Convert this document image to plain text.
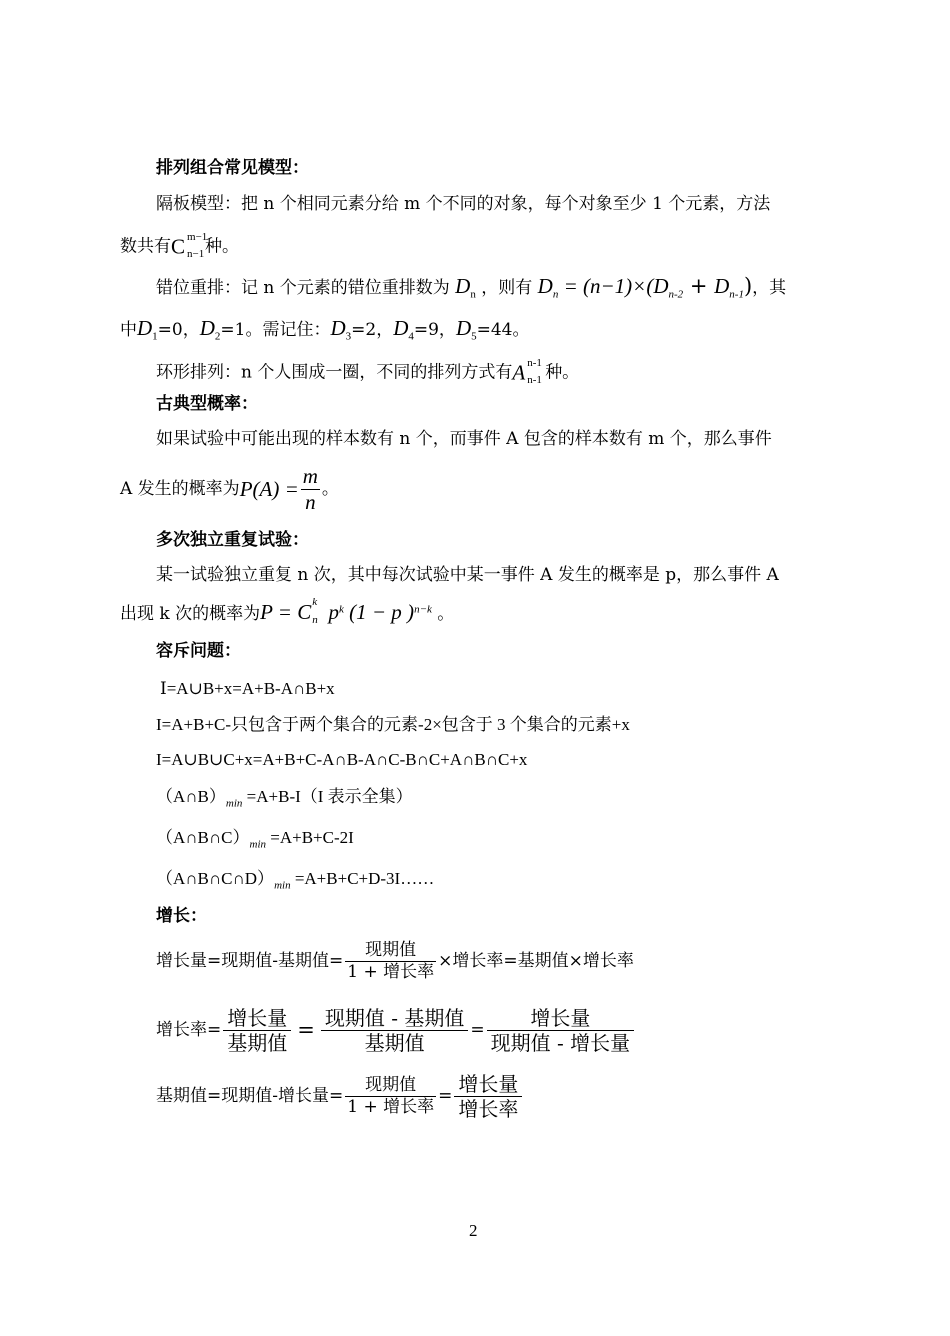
排列组合常见模型：
隔板模型：把 n 个相同元素分给 m 个不同的对象，每个对象至少 1 个元素，方法
数共有C m−1
n−1 种。
错位重排：记 n 个元素的错位重排数为 $D_n$ ，则有 $D_n = (n-1)\times(D_{n-2} + D_{n-1})$，其
中$D_1=0$，$D_2=1$。需记住：$D_3=2$，$D_4=9$，$D_5=44$。
环形排列：n 个人围成一圈，不同的排列方式有A n-1
n-1 种。
古典型概率：
如果试验中可能出现的样本数有 n 个，而事件 A 包含的样本数有 m 个，那么事件
A 发生的概率为$P(A) = \frac{m}{n}$ 。
多次独立重复试验：
某一试验独立重复 n 次，其中每次试验中某一事件 A 发生的概率是 p，那么事件 A
出现 k 次的概率为P = C k
n $p^k$ (1 − p )$^{n-k}$ 。
容斥问题：
Ⅰ=A∪B+x=A+B-A∩B+x
I=A+B+C-只包含于两个集合的元素-2×包含于 3 个集合的元素+x
I=A∪B∪C+x=A+B+C-A∩B-A∩C-B∩C+A∩B∩C+x
$(A\cap B)_{min} =A+B-I(I$ 表示全集）
$(A\cap B\cap C)_{min} =A+B+C-2I$
$(A\cap B\cap C\cap D)_{min}$ =A+B+C+D-3I……
增长：
增长量=现期值-基期值= $\frac{\text{现期值}}{\text{1 + 增长率}}$ ×增长率=基期值×增长率
增长率= $\frac{\text{增长量}}{\text{基期值}} = \frac{\text{现期值 - 基期值}}{\text{基期值}} = \frac{\text{增长量}}{\text{现期值 - 增长量}}$
基期值=现期值-增长量= $\frac{\text{现期值}}{\text{1 + 增长率}} = \frac{\text{增长量}}{\text{增长率}}$
2
